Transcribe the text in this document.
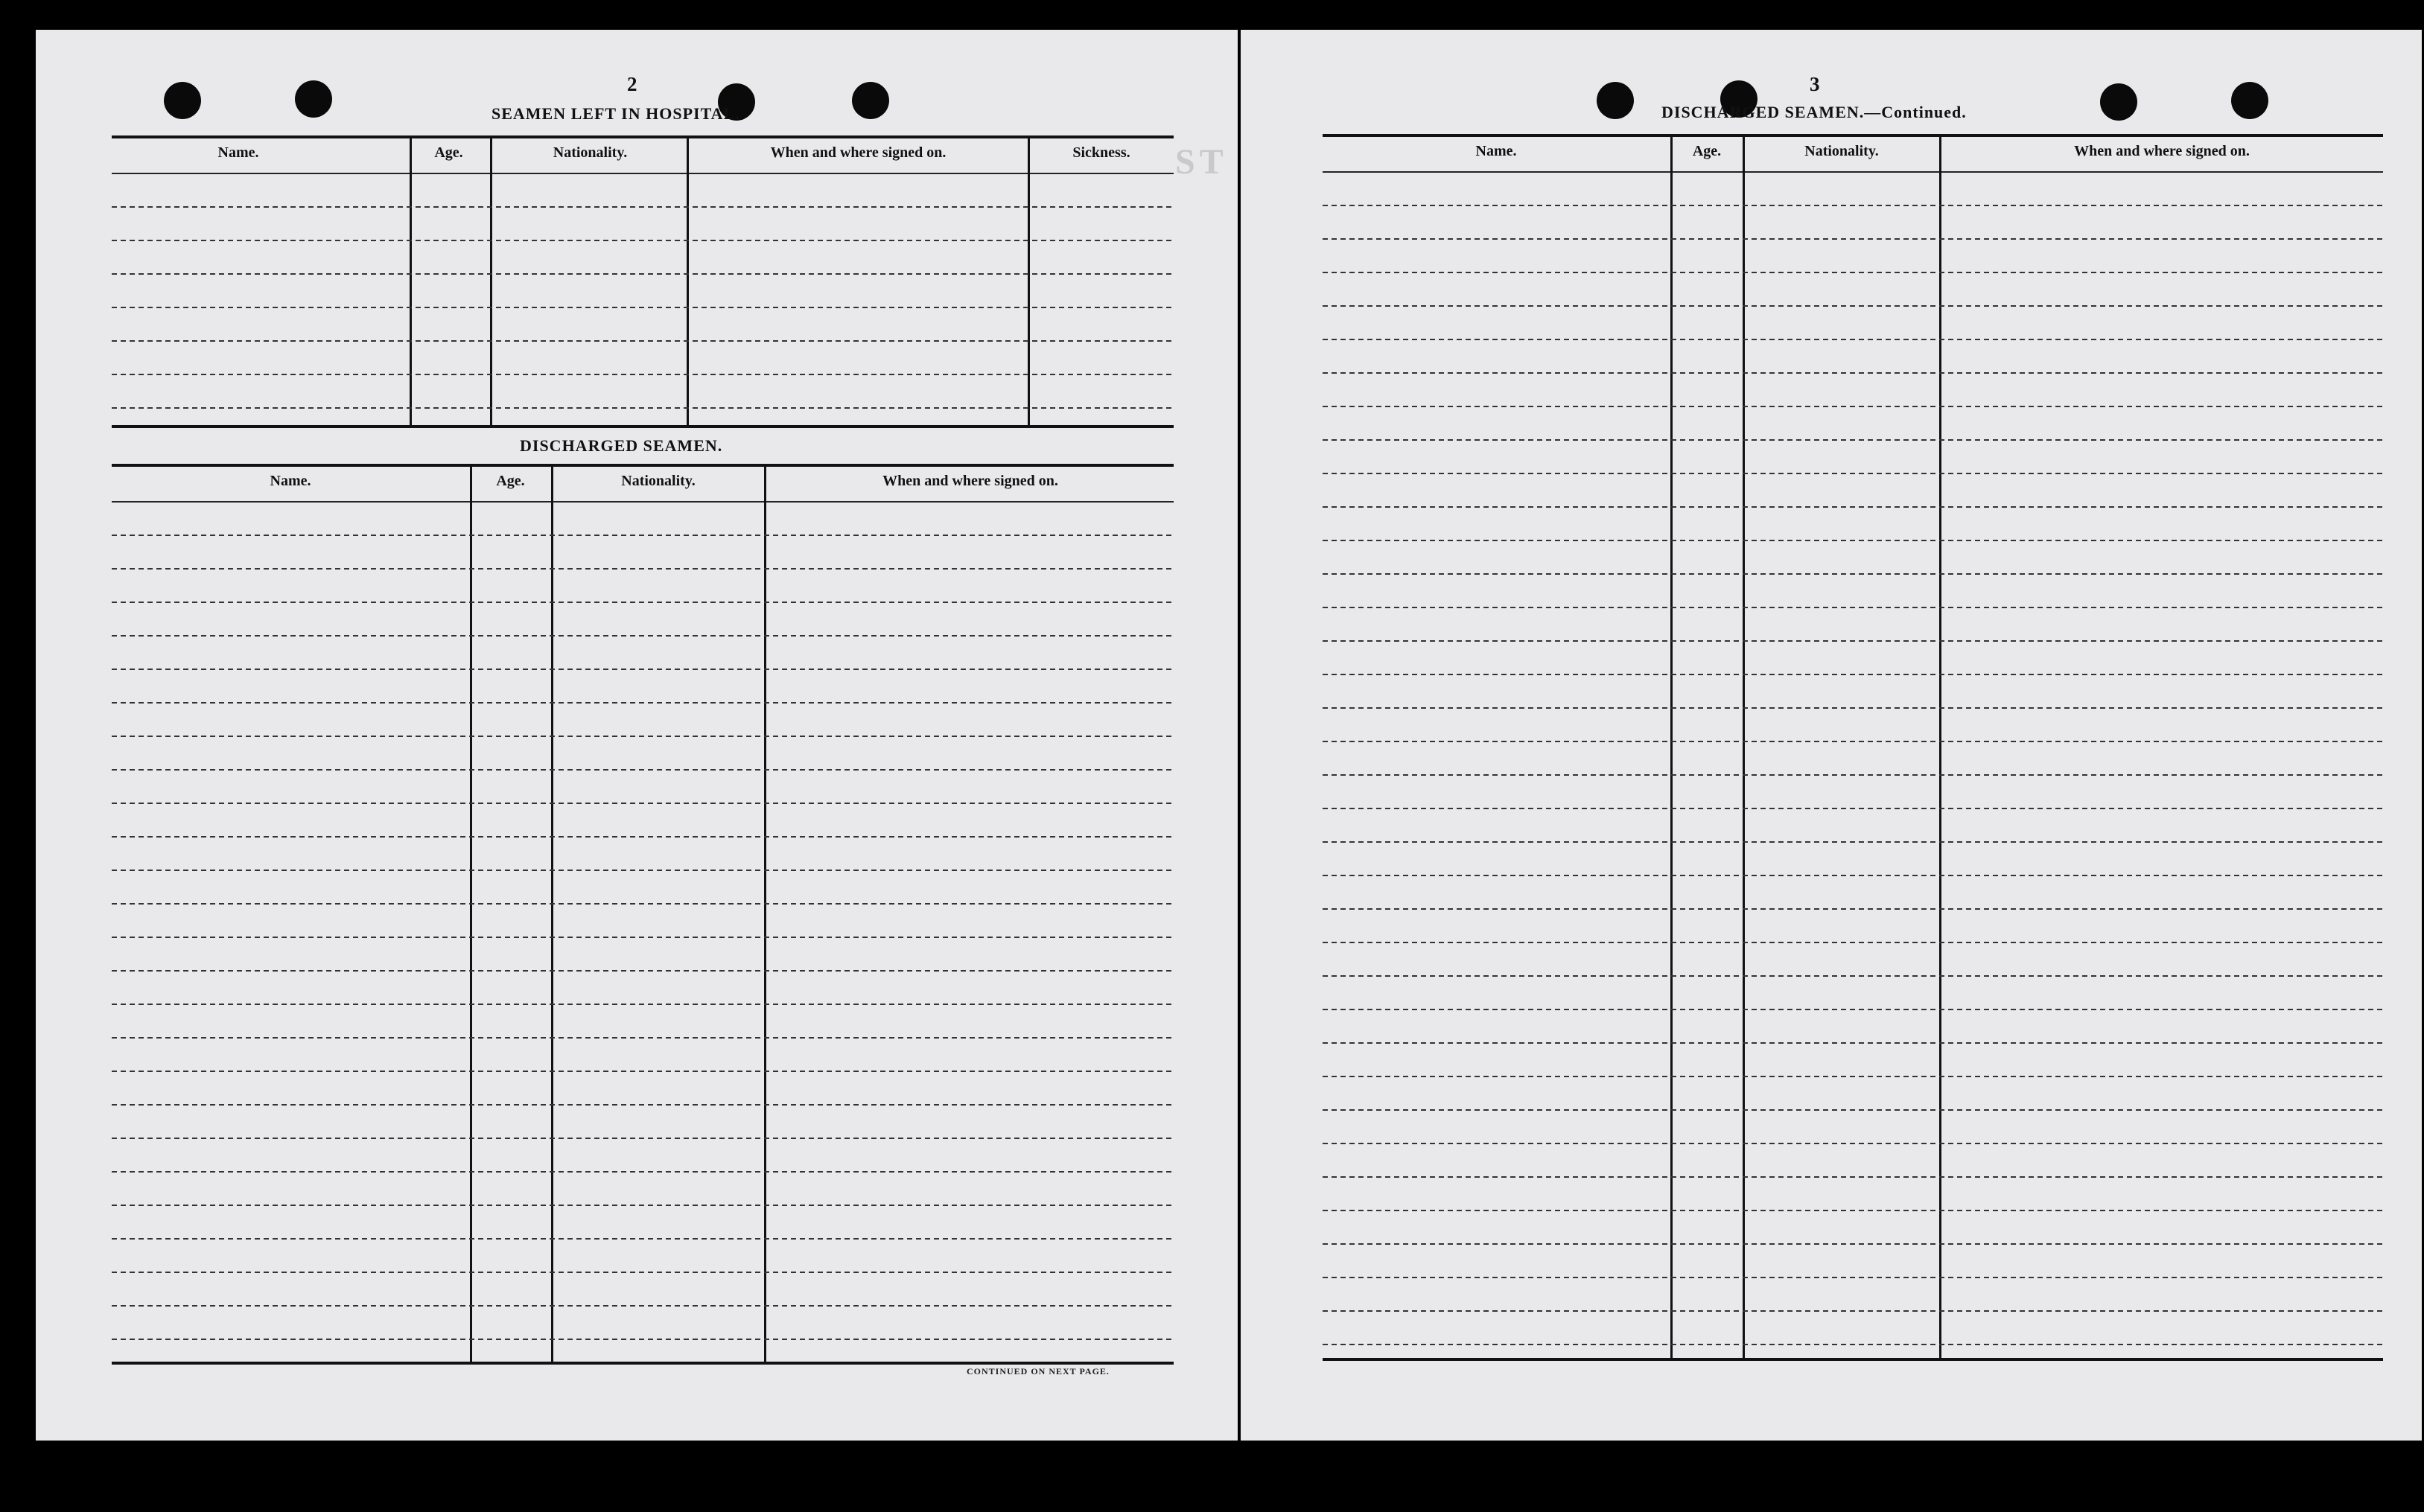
ST
2
SEAMEN LEFT IN HOSPITAL.
Name.	Age.	Nationality.	When and where signed on.	Sickness.
DISCHARGED SEAMEN.
Name.	Age.	Nationality.	When and where signed on.
CONTINUED ON NEXT PAGE.
3
DISCHARGED SEAMEN.—Continued.
Name.	Age.	Nationality.	When and where signed on.
